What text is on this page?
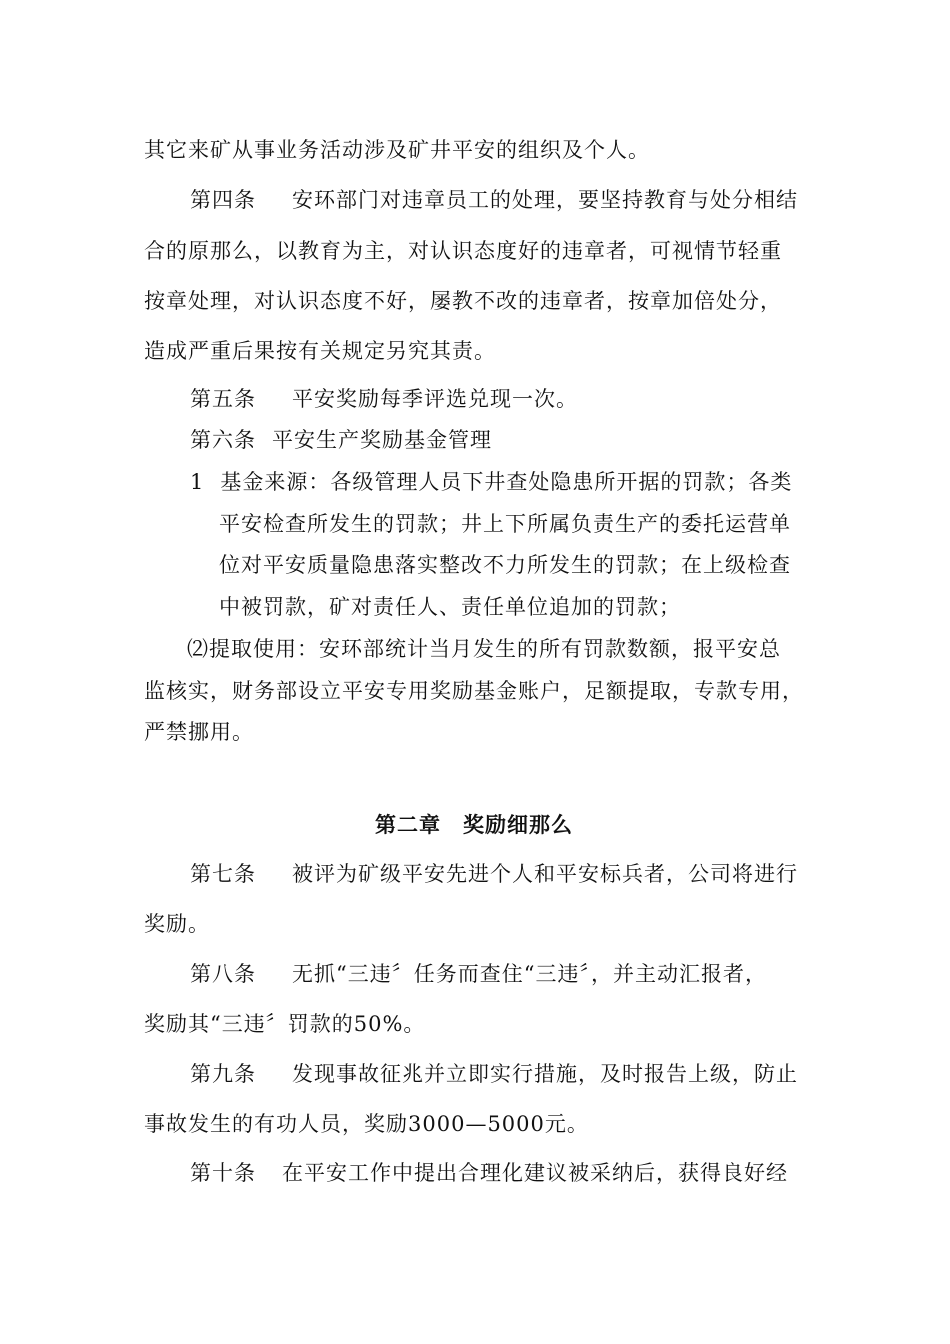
其它来矿从事业务活动涉及矿井平安的组织及个人。

第四条 安环部门对违章员工的处理，要坚持教育与处分相结

合的原那么，以教育为主，对认识态度好的违章者，可视情节轻重

按章处理，对认识态度不好，屡教不改的违章者，按章加倍处分，

造成严重后果按有关规定另究其责。

第五条 平安奖励每季评选兑现一次。

第六条 平安生产奖励基金管理

1 基金来源：各级管理人员下井查处隐患所开据的罚款；各类

平安检查所发生的罚款；井上下所属负责生产的委托运营单

位对平安质量隐患落实整改不力所发生的罚款；在上级检查

中被罚款，矿对责任人、责任单位追加的罚款；

⑵提取使用：安环部统计当月发生的所有罚款数额，报平安总

监核实，财务部设立平安专用奖励基金账户，足额提取，专款专用，

严禁挪用。

第二章　奖励细那么

第七条 被评为矿级平安先进个人和平安标兵者，公司将进行

奖励。

第八条 无抓“三违〞任务而查住“三违〞，并主动汇报者，

奖励其“三违〞罚款的50%。

第九条 发现事故征兆并立即实行措施，及时报告上级，防止

事故发生的有功人员，奖励3000—5000元。

第十条 在平安工作中提出合理化建议被采纳后，获得良好经
